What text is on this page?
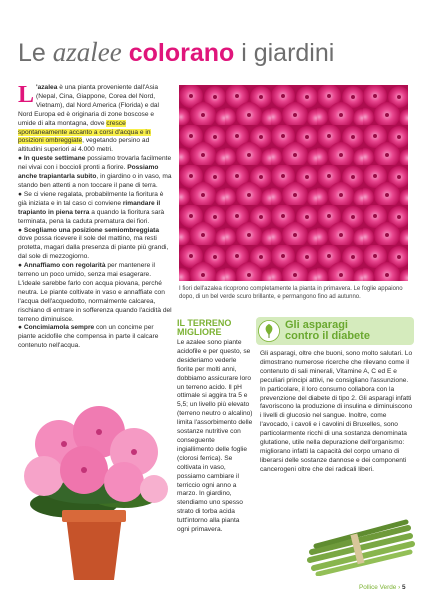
Le azalee colorano i giardini

L 'azalea è una pianta proveniente dall'Asia (Nepal, Cina, Giappone, Corea del Nord, Vietnam), dal Nord America (Florida) e dal Nord Europa ed è originaria di zone boscose e umide di alta montagna, dove cresce spontaneamente accanto a corsi d'acqua e in posizioni ombreggiate, vegetando persino ad altitudini superiori ai 4.000 metri.

● In queste settimane possiamo trovarla facilmente nei vivai con i boccioli pronti a fiorire. Possiamo anche trapiantarla subito, in giardino o in vaso, ma stando ben attenti a non toccare il pane di terra.

● Se ci viene regalata, probabilmente la fioritura è già iniziata e in tal caso ci conviene rimandare il trapianto in piena terra a quando la fioritura sarà terminata, pena la caduta prematura dei fiori.

● Scegliamo una posizione semiombreggiata dove possa ricevere il sole del mattino, ma resti protetta, magari dalla presenza di piante più grandi, dal sole di mezzogiorno.

● Annaffiamo con regolarità per mantenere il terreno un poco umido, senza mai esagerare. L'ideale sarebbe farlo con acqua piovana, perché neutra. Le piante coltivate in vaso e annaffiate con l'acqua dell'acquedotto, normalmente calcarea, rischiano di entrare in sofferenza quando l'acidità del terreno diminuisce.

● Concimiamola sempre con un concime per piante acidofile che compensa in parte il calcare contenuto nell'acqua.

I fiori dell'azalea ricoprono completamente la pianta in primavera. Le foglie appaiono dopo, di un bel verde scuro brillante, e permangono fino ad autunno.
IL TERRENO
MIGLIORE
Le azalee sono piante acidofile e per questo, se desideriamo vederle fiorite per molti anni, dobbiamo assicurare loro un terreno acido. Il pH ottimale si aggira tra 5 e 5,5; un livello più elevato (terreno neutro o alcalino) limita l'assorbimento delle sostanze nutritive con conseguente ingiallimento delle foglie (clorosi ferrica). Se coltivata in vaso, possiamo cambiare il terriccio ogni anno a marzo. In giardino, stendiamo uno spesso strato di torba acida tutt'intorno alla pianta ogni primavera.
Gli asparagi
contro il diabete
Gli asparagi, oltre che buoni, sono molto salutari. Lo dimostrano numerose ricerche che rilevano come il contenuto di sali minerali, Vitamine A, C ed E e peculiari principi attivi, ne consigliano l'assunzione. In particolare, il loro consumo collabora con la prevenzione del diabete di tipo 2. Gli asparagi infatti favoriscono la produzione di insulina e diminuiscono i livelli di glucosio nel sangue. Inoltre, come l'avocado, i cavoli e i cavolini di Bruxelles, sono particolarmente ricchi di una sostanza denominata glutatione, utile nella depurazione dell'organismo: migliorano infatti la capacità del corpo umano di liberarsi delle sostanze dannose e dei componenti cancerogeni oltre che dei radicali liberi.
Pollice Verde › 5
